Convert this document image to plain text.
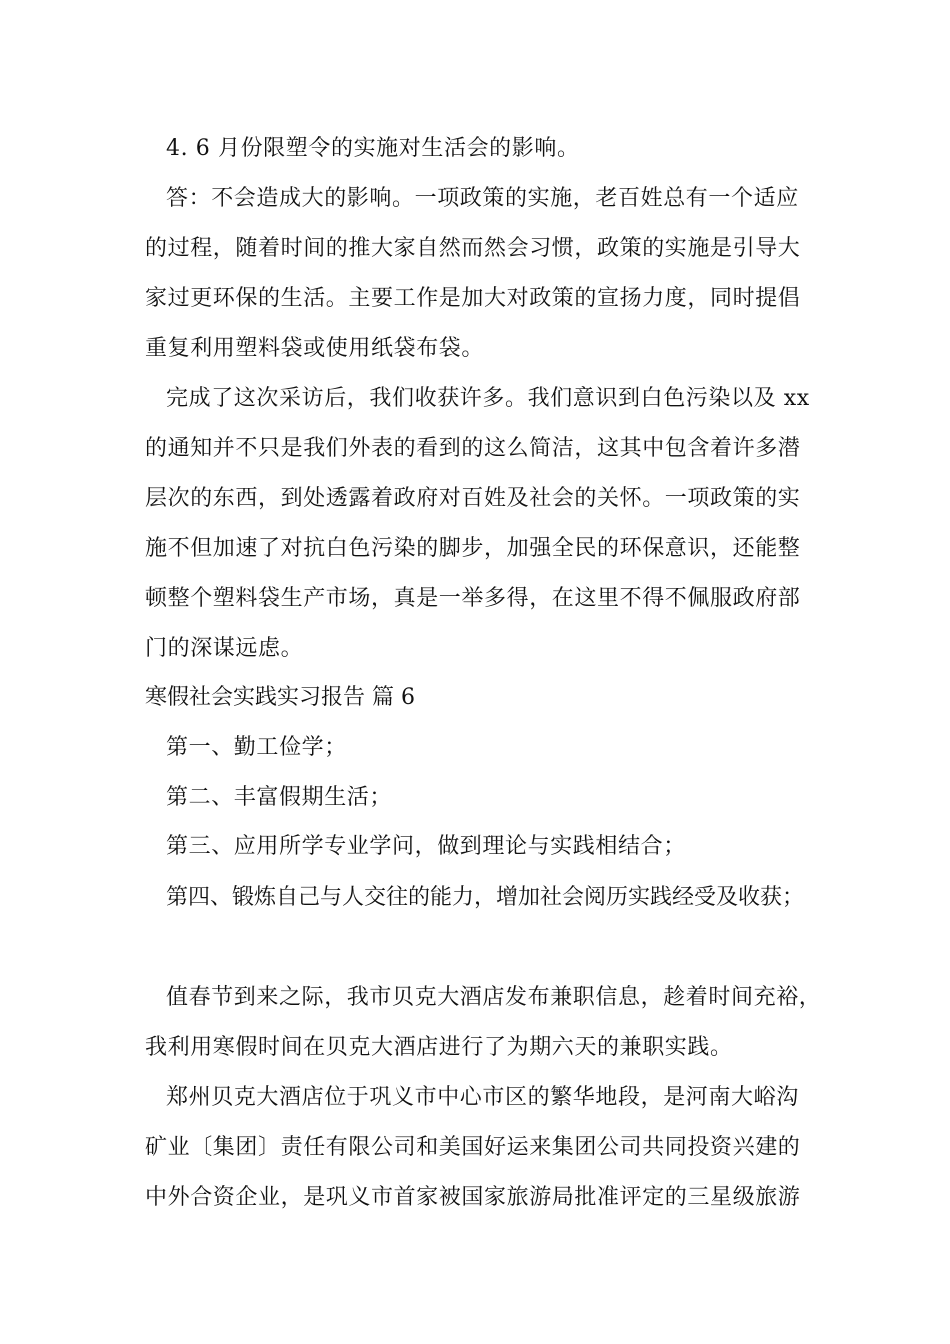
4. 6 月份限塑令的实施对生活会的影响。
答：不会造成大的影响。一项政策的实施，老百姓总有一个适应
的过程，随着时间的推大家自然而然会习惯，政策的实施是引导大
家过更环保的生活。主要工作是加大对政策的宣扬力度，同时提倡
重复利用塑料袋或使用纸袋布袋。
完成了这次采访后，我们收获许多。我们意识到白色污染以及 xx
的通知并不只是我们外表的看到的这么简洁，这其中包含着许多潜
层次的东西，到处透露着政府对百姓及社会的关怀。一项政策的实
施不但加速了对抗白色污染的脚步，加强全民的环保意识，还能整
顿整个塑料袋生产市场，真是一举多得，在这里不得不佩服政府部
门的深谋远虑。
寒假社会实践实习报告 篇 6
第一、勤工俭学；
第二、丰富假期生活；
第三、应用所学专业学问，做到理论与实践相结合；
第四、锻炼自己与人交往的能力，增加社会阅历实践经受及收获；
值春节到来之际，我市贝克大酒店发布兼职信息，趁着时间充裕，
我利用寒假时间在贝克大酒店进行了为期六天的兼职实践。
郑州贝克大酒店位于巩义市中心市区的繁华地段，是河南大峪沟
矿业〔集团〕责任有限公司和美国好运来集团公司共同投资兴建的
中外合资企业，是巩义市首家被国家旅游局批准评定的三星级旅游
